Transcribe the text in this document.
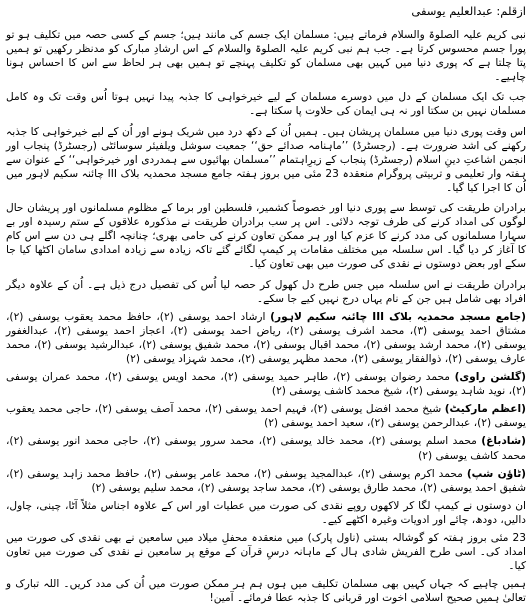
ازقلم: عبدالعلیم یوسفی

نبی کریم علیہ الصلوۃ والسلام فرماتے ہیں: مسلمان ایک جسم کی مانند ہیں؛ جسم کے کسی حصہ میں تکلیف ہو تو پورا جسم محسوس کرتا ہے۔ جب ہم نبی کریم علیہ الصلوۃ والسلام کے اس ارشادِ مبارک کو مدنظر رکھیں تو ہمیں پتا چلتا ہے کہ پوری دنیا میں کہیں بھی مسلمان کو تکلیف پہنچے تو ہمیں بھی ہر لحاظ سے اس کا احساس ہونا چاہیے۔

جب تک ایک مسلمان کے دل میں دوسرے مسلمان کے لیے خیرخواہی کا جذبہ پیدا نہیں ہوتا اُس وقت تک وہ کامل مسلمان نہیں بن سکتا اور نہ ہی ایمان کی حلاوت پا سکتا ہے۔

اس وقت پوری دنیا میں مسلمان پریشان ہیں۔ ہمیں اُن کے دکھ درد میں شریک ہونے اور اُن کے لیے خیرخواہی کا جذبہ رکھنے کی اشد ضرورت ہے۔ (رجسٹرڈ) ’’ماہنامہ صدائے حق‘‘ جمعیت سوشل ویلفیئر سوسائٹی (رجسٹرڈ) پنجاب اور انجمن اشاعتِ دینِ اسلام (رجسٹرڈ) پنجاب کے زیرِاہتمام ’’مسلمان بھائیوں سے ہمدردی اور خیرخواہی‘‘ کے عنوان سے ہفتہ وار تعلیمی و تربیتی پروگرام منعقدہ 23 مئی میں بروز ہفتہ جامع مسجد محمدیہ بلاک III چائنہ سکیم لاہور میں اُن کا اجرا کیا گیا۔

برادران طریقت کی توسط سے پوری دنیا اور خصوصاً کشمیر، فلسطین اور برما کے مظلوم مسلمانوں اور پریشان حال لوگوں کی امداد کرنے کی طرف توجہ دلائی۔ اس پر سب برادران طریقت نے مذکورہ علاقوں کے ستم رسیدہ اور بے سہارا مسلمانوں کی مدد کرنے کا عزم کیا اور ہر ممکن تعاون کرنے کی حامی بھری؛ چنانچہ اگلے ہی دن سے اس کام کا آغاز کر دیا گیا۔ اس سلسلہ میں مختلف مقامات پر کیمپ لگائے گئے تاکہ زیادہ سے زیادہ امدادی سامان اکٹھا کیا جا سکے اور بعض دوستوں نے نقدی کی صورت میں بھی تعاون کیا۔

برادران طریقت نے اس سلسلہ میں جس طرح دل کھول کر حصہ لیا اُس کی تفصیل درج ذیل ہے۔ اُن کے علاوہ دیگر افراد بھی شامل ہیں جن کے نام یہاں درج نہیں کیے جا سکے۔

(جامع مسجد محمدیہ بلاک III چائنہ سکیم لاہور) ارشاد احمد یوسفی (۲)، حافظ محمد یعقوب یوسفی (۲)، مشتاق احمد یوسفی (۳)، محمد اشرف یوسفی (۲)، ریاض احمد یوسفی (۲)، اعجاز احمد یوسفی (۲)، عبدالغفور یوسفی (۲)، محمد ارشد یوسفی (۲)، محمد اقبال یوسفی (۲)، محمد شفیق یوسفی (۲)، عبدالرشید یوسفی (۲)، محمد عارف یوسفی (۲)، ذوالفقار یوسفی (۲)، محمد مظہر یوسفی (۲)، محمد شہزاد یوسفی (۲)

(گلشن راوی) محمد رضوان یوسفی (۲)، طاہر حمید یوسفی (۲)، محمد اویس یوسفی (۲)، محمد عمران یوسفی (۲)، نوید شاہد یوسفی (۲)، شیخ محمد کاشف یوسفی (۲)

(اعظم مارکیٹ) شیخ محمد افضل یوسفی (۲)، فہیم احمد یوسفی (۲)، محمد آصف یوسفی (۲)، حاجی محمد یعقوب یوسفی (۲)، عبدالرحمن یوسفی (۲)، سعید احمد یوسفی (۲)

(شادباغ) محمد اسلم یوسفی (۲)، محمد خالد یوسفی (۲)، محمد سرور یوسفی (۲)، حاجی محمد انور یوسفی (۲)، محمد کاشف یوسفی (۲)

(ٹاؤن شپ) محمد اکرم یوسفی (۲)، عبدالمجید یوسفی (۲)، محمد عامر یوسفی (۲)، حافظ محمد زاہد یوسفی (۲)، شفیق احمد یوسفی (۲)، محمد طارق یوسفی (۲)، محمد ساجد یوسفی (۲)، محمد سلیم یوسفی (۲)

ان دوستوں نے کیمپ لگا کر لاکھوں روپے نقدی کی صورت میں عطیات اور اس کے علاوہ اجناس مثلاً آٹا، چینی، چاول، دالیں، دودھ، چائے اور ادویات وغیرہ اکٹھے کیے۔

23 مئی بروز ہفتہ کو گوشالہ بستی (ناول پارک) میں منعقدہ محفلِ میلاد میں سامعین نے بھی نقدی کی صورت میں امداد کی۔ اسی طرح الفریش شادی ہال کے ماہانہ درسِ قرآن کے موقع پر سامعین نے نقدی کی صورت میں تعاون کیا۔

ہمیں چاہیے کہ جہاں کہیں بھی مسلمان تکلیف میں ہوں ہم ہر ممکن صورت میں اُن کی مدد کریں۔ اللہ تبارک و تعالیٰ ہمیں صحیح اسلامی اخوت اور قربانی کا جذبہ عطا فرمائے۔ آمین!
